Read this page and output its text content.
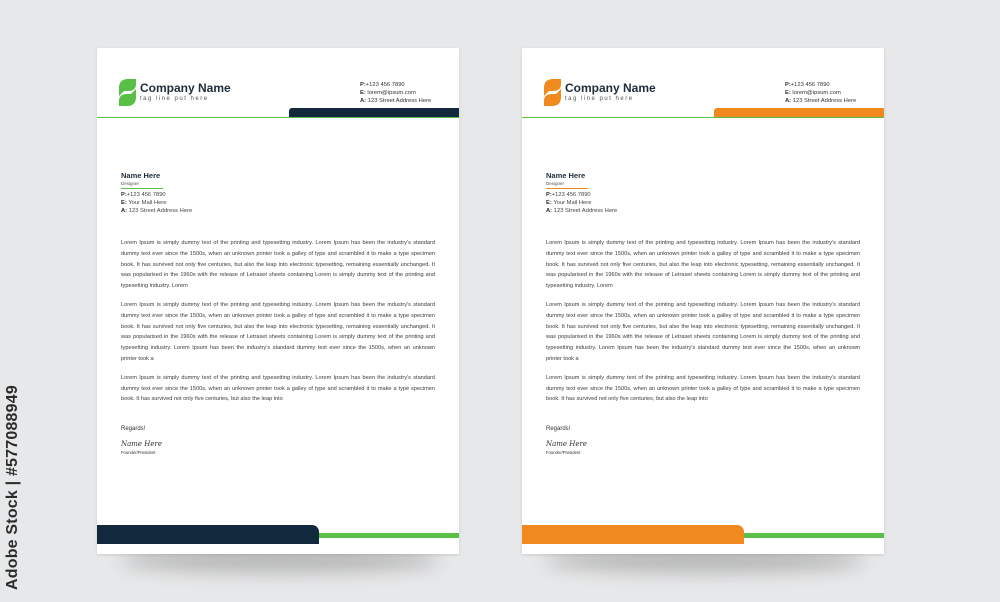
Adobe Stock | #577088949
Company Name
tag line put here
P:+123 456 7890
E: lorem@ipsum.com
A: 123 Street Address Here
Name Here
Designer
P:+123 456 7890
E: Your Mail Here
A: 123 Street Address Here

Lorem Ipsum is simply dummy text of the printing and typesetting industry. Lorem Ipsum has been the industry's standard dummy text ever since the 1500s, when an unknown printer took a galley of type and scrambled it to make a type specimen book. It has survived not only five centuries, but also the leap into electronic typesetting, remaining essentially unchanged. It was popularised in the 1960s with the release of Letraset sheets containing Lorem is simply dummy text of the printing and typesetting industry. Lorem

Lorem Ipsum is simply dummy text of the printing and typesetting industry. Lorem Ipsum has been the industry's standard dummy text ever since the 1500s, when an unknown printer took a galley of type and scrambled it to make a type specimen book. It has survived not only five centuries, but also the leap into electronic typesetting, remaining essentially unchanged. It was popularised in the 1960s with the release of Letraset sheets containing Lorem is simply dummy text of the printing and typesetting industry. Lorem Ipsum has been the industry's standard dummy text ever since the 1500s, when an unknown printer took a

Lorem Ipsum is simply dummy text of the printing and typesetting industry. Lorem Ipsum has been the industry's standard dummy text ever since the 1500s, when an unknown printer took a galley of type and scrambled it to make a type specimen book. It has survived not only five centuries, but also the leap into

Regards!
Name Here
Founder/President
Company Name
tag line put here
P:+123 456 7890
E: lorem@ipsum.com
A: 123 Street Address Here
Name Here
Designer
P:+123 456 7890
E: Your Mail Here
A: 123 Street Address Here

Lorem Ipsum is simply dummy text of the printing and typesetting industry. Lorem Ipsum has been the industry's standard dummy text ever since the 1500s, when an unknown printer took a galley of type and scrambled it to make a type specimen book. It has survived not only five centuries, but also the leap into electronic typesetting, remaining essentially unchanged. It was popularised in the 1960s with the release of Letraset sheets containing Lorem is simply dummy text of the printing and typesetting industry. Lorem

Lorem Ipsum is simply dummy text of the printing and typesetting industry. Lorem Ipsum has been the industry's standard dummy text ever since the 1500s, when an unknown printer took a galley of type and scrambled it to make a type specimen book. It has survived not only five centuries, but also the leap into electronic typesetting, remaining essentially unchanged. It was popularised in the 1960s with the release of Letraset sheets containing Lorem is simply dummy text of the printing and typesetting industry. Lorem Ipsum has been the industry's standard dummy text ever since the 1500s, when an unknown printer took a

Lorem Ipsum is simply dummy text of the printing and typesetting industry. Lorem Ipsum has been the industry's standard dummy text ever since the 1500s, when an unknown printer took a galley of type and scrambled it to make a type specimen book. It has survived not only five centuries, but also the leap into

Regards!
Name Here
Founder/President
